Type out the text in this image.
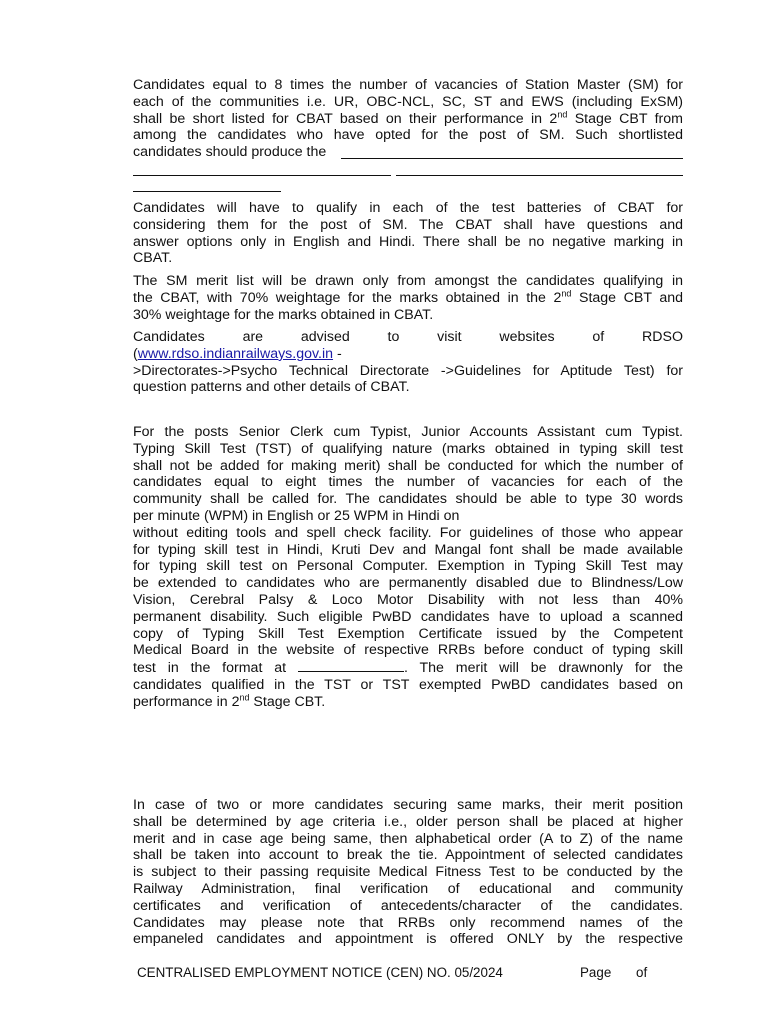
Candidates equal to 8 times the number of vacancies of Station Master (SM) for
each of the communities i.e. UR, OBC-NCL, SC, ST and EWS (including ExSM)
shall be short listed for CBAT based on their performance in 2nd Stage CBT from
among the candidates who have opted for the post of SM. Such shortlisted
candidates should produce the
Candidates will have to qualify in each of the test batteries of CBAT for
considering them for the post of SM. The CBAT shall have questions and
answer options only in English and Hindi. There shall be no negative marking in
CBAT.
The SM merit list will be drawn only from amongst the candidates qualifying in
the CBAT, with 70% weightage for the marks obtained in the 2nd Stage CBT and
30% weightage for the marks obtained in CBAT.
Candidates are advised to visit websites of RDSO
(www.rdso.indianrailways.gov.in -
>Directorates->Psycho Technical Directorate ->Guidelines for Aptitude Test) for
question patterns and other details of CBAT.
For the posts Senior Clerk cum Typist, Junior Accounts Assistant cum Typist.
Typing Skill Test (TST) of qualifying nature (marks obtained in typing skill test
shall not be added for making merit) shall be conducted for which the number of
candidates equal to eight times the number of vacancies for each of the
community shall be called for. The candidates should be able to type 30 words
per minute (WPM) in English or 25 WPM in Hindi on
without editing tools and spell check facility. For guidelines of those who appear
for typing skill test in Hindi, Kruti Dev and Mangal font shall be made available
for typing skill test on Personal Computer. Exemption in Typing Skill Test may
be extended to candidates who are permanently disabled due to Blindness/Low
Vision, Cerebral Palsy & Loco Motor Disability with not less than 40%
permanent disability. Such eligible PwBD candidates have to upload a scanned
copy of Typing Skill Test Exemption Certificate issued by the Competent
Medical Board in the website of respective RRBs before conduct of typing skill
test in the format at	. The merit will be drawnonly for the
candidates qualified in the TST or TST exempted PwBD candidates based on
performance in 2nd Stage CBT.
In case of two or more candidates securing same marks, their merit position
shall be determined by age criteria i.e., older person shall be placed at higher
merit and in case age being same, then alphabetical order (A to Z) of the name
shall be taken into account to break the tie. Appointment of selected candidates
is subject to their passing requisite Medical Fitness Test to be conducted by the
Railway Administration, final verification of educational and community
certificates and verification of antecedents/character of the candidates.
Candidates may please note that RRBs only recommend names of the
empaneled candidates and appointment is offered ONLY by the respective
CENTRALISED EMPLOYMENT NOTICE (CEN) NO. 05/2024	Page of
